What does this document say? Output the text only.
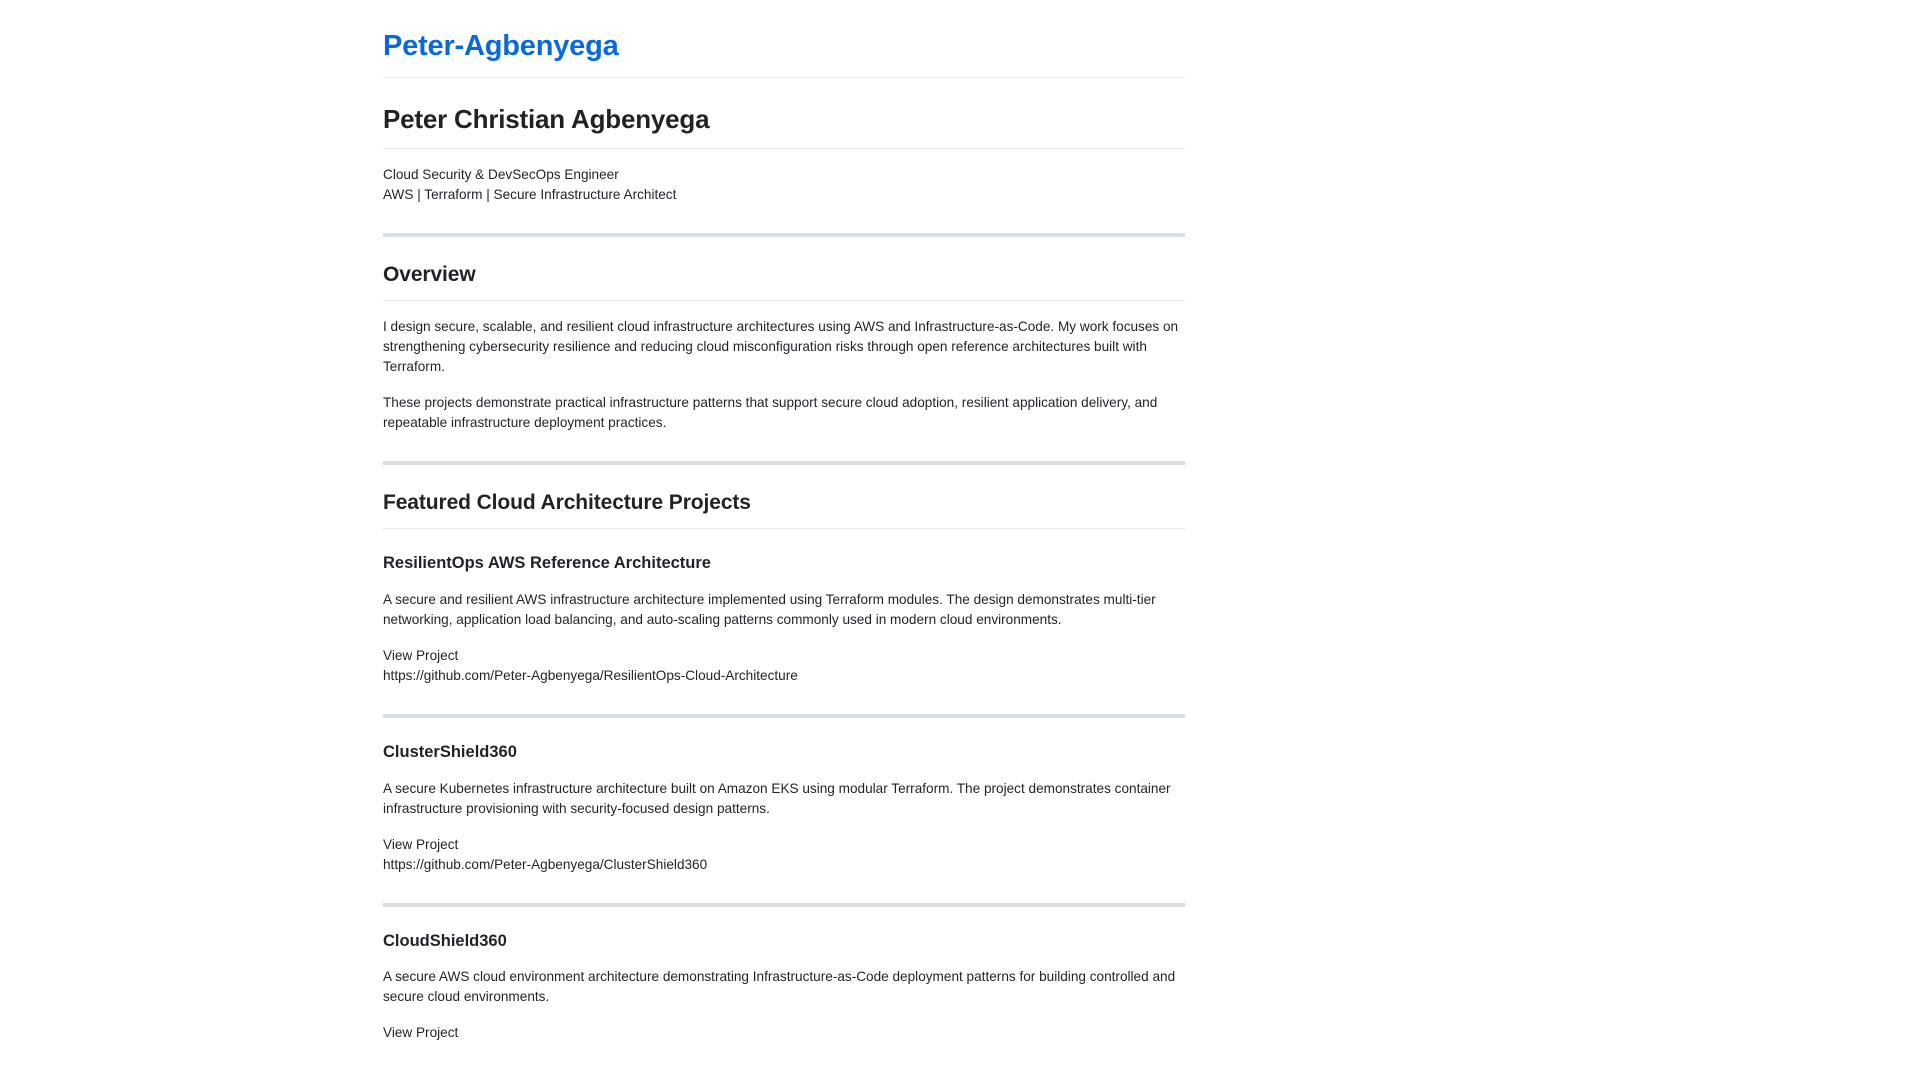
Peter-Agbenyega
Peter Christian Agbenyega

Cloud Security & DevSecOps Engineer
AWS | Terraform | Secure Infrastructure Architect

Overview

I design secure, scalable, and resilient cloud infrastructure architectures using AWS and Infrastructure-as-Code. My work focuses on strengthening cybersecurity resilience and reducing cloud misconfiguration risks through open reference architectures built with Terraform.

These projects demonstrate practical infrastructure patterns that support secure cloud adoption, resilient application delivery, and repeatable infrastructure deployment practices.

Featured Cloud Architecture Projects
ResilientOps AWS Reference Architecture

A secure and resilient AWS infrastructure architecture implemented using Terraform modules. The design demonstrates multi-tier networking, application load balancing, and auto-scaling patterns commonly used in modern cloud environments.

View Project
https://github.com/Peter-Agbenyega/ResilientOps-Cloud-Architecture

ClusterShield360

A secure Kubernetes infrastructure architecture built on Amazon EKS using modular Terraform. The project demonstrates container infrastructure provisioning with security-focused design patterns.

View Project
https://github.com/Peter-Agbenyega/ClusterShield360

CloudShield360

A secure AWS cloud environment architecture demonstrating Infrastructure-as-Code deployment patterns for building controlled and secure cloud environments.

View Project
